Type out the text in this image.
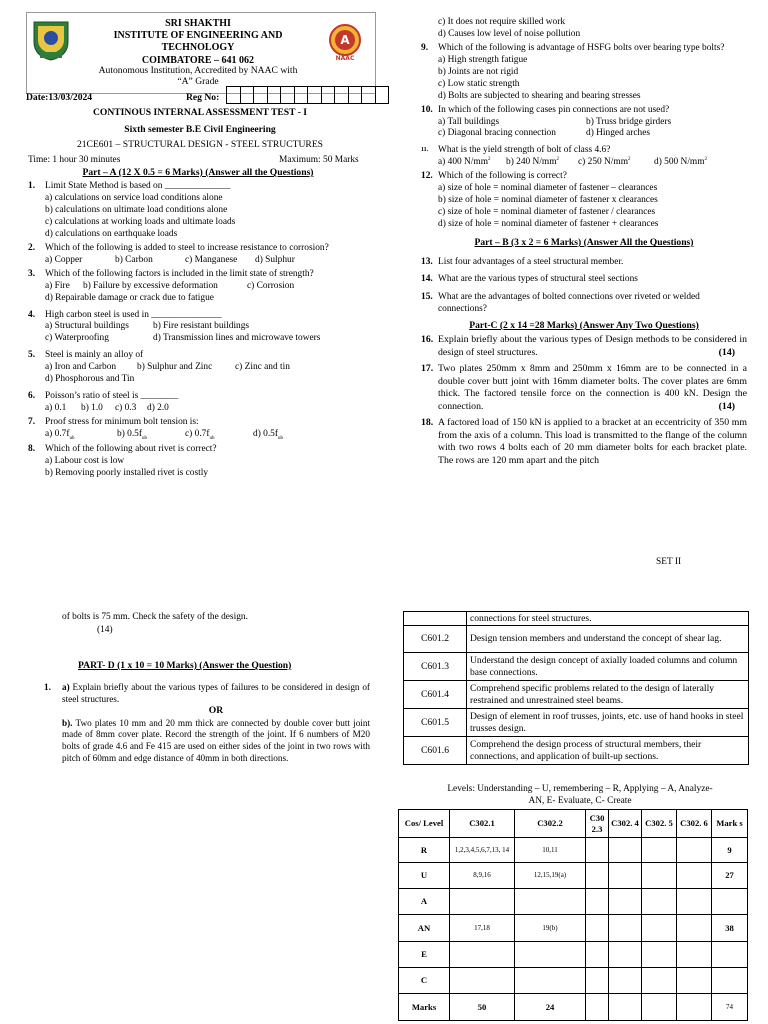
SRI SHAKTHI
INSTITUTE OF ENGINEERING AND
TECHNOLOGY
COIMBATORE – 641 062
Autonomous Institution, Accredited by NAAC with
“A” Grade
A
NAAC
Date:13/03/2024	Reg No:
CONTINOUS INTERNAL ASSESSMENT TEST - I
Sixth semester B.E Civil Engineering
21CE601 – STRUCTURAL DESIGN - STEEL STRUCTURES
Time: 1 hour 30 minutes	Maximum: 50 Marks
Part – A (12 X 0.5 = 6 Marks) (Answer all the Questions)
1. Limit State Method is based on ______________
a) calculations on service load conditions alone
b) calculations on ultimate load conditions alone
c) calculations at working loads and ultimate loads
d) calculations on earthquake loads
2. Which of the following is added to steel to increase resistance to corrosion?
a) Copper	b) Carbon	c) Manganese	d) Sulphur
3. Which of the following factors is included in the limit state of strength?
a) Fire	b) Failure by excessive deformation	c) Corrosion
d) Repairable damage or crack due to fatigue
4. High carbon steel is used in _______________
a) Structural buildings	b) Fire resistant buildings
c) Waterproofing	d) Transmission lines and microwave towers
5. Steel is mainly an alloy of
a) Iron and Carbon	b) Sulphur and Zinc	c) Zinc and tin
d) Phosphorous and Tin
6. Poisson’s ratio of steel is ________
a) 0.1	b) 1.0	c) 0.3	d) 2.0
7. Proof stress for minimum bolt tension is:
a) $0.7f_{ub}$	b) $0.5f_{ub}$	c) $0.7f_{ub}$	d) $0.5f_{ub}$
8. Which of the following about rivet is correct?
a) Labour cost is low
b) Removing poorly installed rivet is costly
c) It does not require skilled work
d) Causes low level of noise pollution
9. Which of the following is advantage of HSFG bolts over bearing type bolts?
a) High strength fatigue
b) Joints are not rigid
c) Low static strength
d) Bolts are subjected to shearing and bearing stresses
10. In which of the following cases pin connections are not used?
a) Tall buildings	b) Truss bridge girders
c) Diagonal bracing connection	d) Hinged arches
11. What is the yield strength of bolt of class 4.6?
a) 400 $N/mm^2$	b) 240 $N/mm^2$	c) 250 $N/mm^2$	d) 500 $N/mm^2$
12. Which of the following is correct?
a) size of hole = nominal diameter of fastener – clearances
b) size of hole = nominal diameter of fastener x clearances
c) size of hole = nominal diameter of fastener / clearances
d) size of hole = nominal diameter of fastener + clearances
Part – B (3 x 2 = 6 Marks) (Answer All the Questions)
13. List four advantages of a steel structural member.
14. What are the various types of structural steel sections
15. What are the advantages of bolted connections over riveted or welded connections?
Part-C (2 x 14 =28 Marks) (Answer Any Two Questions)
16. Explain briefly about the various types of Design methods to be considered in design of steel structures.	(14)
17. Two plates 250mm x 8mm and 250mm x 16mm are to be connected in a double cover butt joint with 16mm diameter bolts. The cover plates are 6mm thick. The factored tensile force on the connection is 400 kN. Design the connection.	(14)
18. A factored load of 150 kN is applied to a bracket at an eccentricity of 350 mm from the axis of a column. This load is transmitted to the flange of the column with two rows 4 bolts each of 20 mm diameter bolts for each bracket plate. The rows are 120 mm apart and the pitch
SET II
of bolts is 75 mm. Check the safety of the design.
(14)
PART- D (1 x 10 = 10 Marks) (Answer the Question)
1. a) Explain briefly about the various types of failures to be considered in design of steel structures.
OR
b). Two plates 10 mm and 20 mm thick are connected by double cover butt joint made of 8mm cover plate. Record the strength of the joint. If 6 numbers of M20 bolts of grade 4.6 and Fe 415 are used on either sides of the joint in two rows with pitch of 60mm and edge distance of 40mm in both directions.
	connections for steel structures.
C601.2	Design tension members and understand the concept of shear lag.
C601.3	Understand the design concept of axially loaded columns and column base connections.
C601.4	Comprehend specific problems related to the design of laterally restrained and unrestrained steel beams.
C601.5	Design of element in roof trusses, joints, etc. use of hand hooks in steel trusses design.
C601.6	Comprehend the design process of structural members, their connections, and application of built-up sections.
Levels: Understanding – U, remembering – R, Applying – A, Analyze-AN, E- Evaluate, C- Create
Cos/ Level	C302.1	C302.2	C30 2.3	C302. 4	C302. 5	C302. 6	Mark s
R	1,2,3,4,5,6,7,13, 14	10,11					9
U	8,9,16	12,15,19(a)					27
A							
AN	17,18	19(b)					38
E							
C							
Marks	50	24					74
